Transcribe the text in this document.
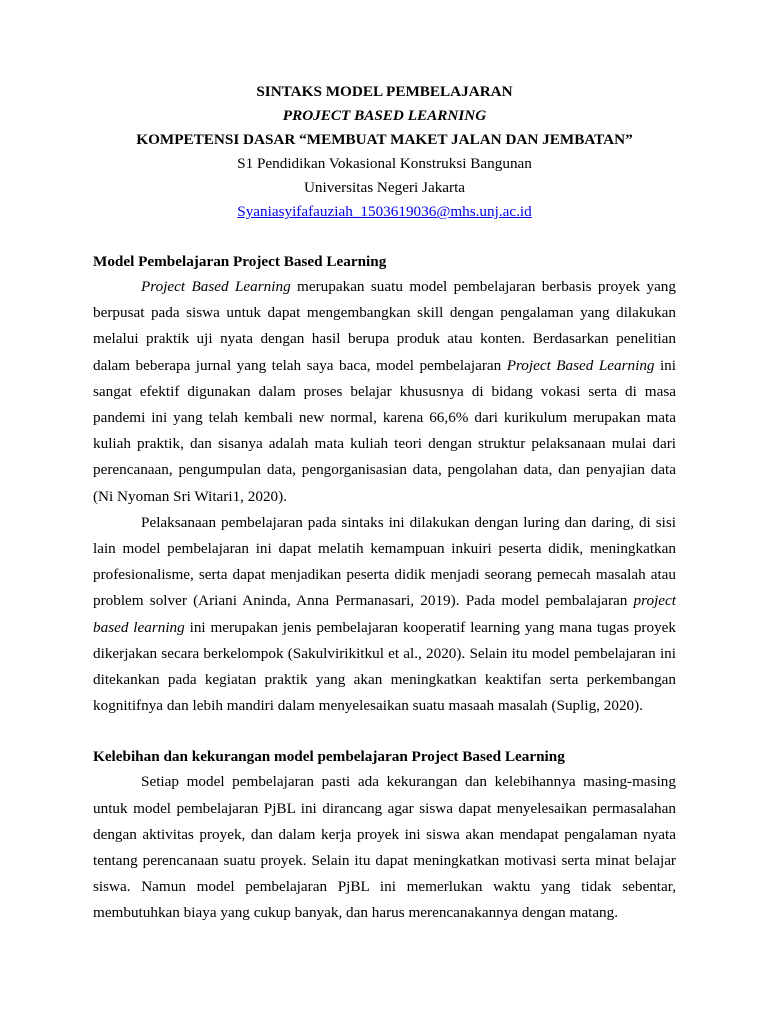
SINTAKS MODEL PEMBELAJARAN
PROJECT BASED LEARNING
KOMPETENSI DASAR “MEMBUAT MAKET JALAN DAN JEMBATAN”
S1 Pendidikan Vokasional Konstruksi Bangunan
Universitas Negeri Jakarta
Syaniasyifafauziah_1503619036@mhs.unj.ac.id
Model Pembelajaran Project Based Learning

Project Based Learning merupakan suatu model pembelajaran berbasis proyek yang berpusat pada siswa untuk dapat mengembangkan skill dengan pengalaman yang dilakukan melalui praktik uji nyata dengan hasil berupa produk atau konten. Berdasarkan penelitian dalam beberapa jurnal yang telah saya baca, model pembelajaran Project Based Learning ini sangat efektif digunakan dalam proses belajar khususnya di bidang vokasi serta di masa pandemi ini yang telah kembali new normal, karena 66,6% dari kurikulum merupakan mata kuliah praktik, dan sisanya adalah mata kuliah teori dengan struktur pelaksanaan mulai dari perencanaan, pengumpulan data, pengorganisasian data, pengolahan data, dan penyajian data (Ni Nyoman Sri Witari1, 2020).

Pelaksanaan pembelajaran pada sintaks ini dilakukan dengan luring dan daring, di sisi lain model pembelajaran ini dapat melatih kemampuan inkuiri peserta didik, meningkatkan profesionalisme, serta dapat menjadikan peserta didik menjadi seorang pemecah masalah atau problem solver (Ariani Aninda, Anna Permanasari, 2019). Pada model pembalajaran project based learning ini merupakan jenis pembelajaran kooperatif learning yang mana tugas proyek dikerjakan secara berkelompok (Sakulvirikitkul et al., 2020). Selain itu model pembelajaran ini ditekankan pada kegiatan praktik yang akan meningkatkan keaktifan serta perkembangan kognitifnya dan lebih mandiri dalam menyelesaikan suatu masaah masalah (Suplig, 2020).

Kelebihan dan kekurangan model pembelajaran Project Based Learning

Setiap model pembelajaran pasti ada kekurangan dan kelebihannya masing-masing untuk model pembelajaran PjBL ini dirancang agar siswa dapat menyelesaikan permasalahan dengan aktivitas proyek, dan dalam kerja proyek ini siswa akan mendapat pengalaman nyata tentang perencanaan suatu proyek. Selain itu dapat meningkatkan motivasi serta minat belajar siswa. Namun model pembelajaran PjBL ini memerlukan waktu yang tidak sebentar, membutuhkan biaya yang cukup banyak, dan harus merencanakannya dengan matang.
